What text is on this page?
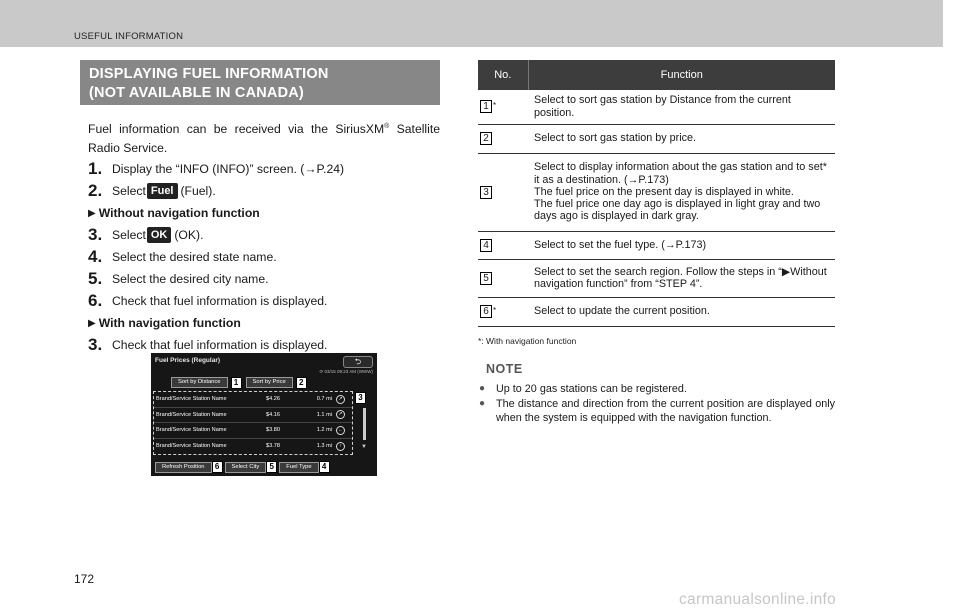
USEFUL INFORMATION
DISPLAYING FUEL INFORMATION
(NOT AVAILABLE IN CANADA)

Fuel information can be received via the SiriusXM® Satellite Radio Service.

1. Display the “INFO (INFO)” screen. (→P.24)
2. Select Fuel (Fuel).
▶ Without navigation function
3. Select OK (OK).
4. Select the desired state name.
5. Select the desired city name.
6. Check that fuel information is displayed.
▶ With navigation function
3. Check that fuel information is displayed.
Fuel Prices (Regular)	⮌
⟳ 03/15 09:23 AM (WWW)
Sort by Distance	1	Sort by Price	2
Brand/Service Station Name	$4.26	0.7 mi	↗
Brand/Service Station Name	$4.16	1.1 mi	↗
Brand/Service Station Name	$3.80	1.2 mi	←
Brand/Service Station Name	$3.78	1.3 mi	↑
3
▼
Refresh Position	6	Select City	5	Fuel Type	4
No.	Function
1 *	Select to sort gas station by Distance from the current position.
2	Select to sort gas station by price.
3	Select to display information about the gas station and to set* it as a destination. (→P.173)
The fuel price on the present day is displayed in white.
The fuel price one day ago is displayed in light gray and two days ago is displayed in dark gray.

4	Select to set the fuel type. (→P.173)
5	Select to set the search region. Follow the steps in “▶Without navigation function” from “STEP 4”.
6 *	Select to update the current position.
*: With navigation function
NOTE
●	Up to 20 gas stations can be registered.
●	The distance and direction from the current position are displayed only when the system is equipped with the navigation function.
172
carmanualsonline.info
